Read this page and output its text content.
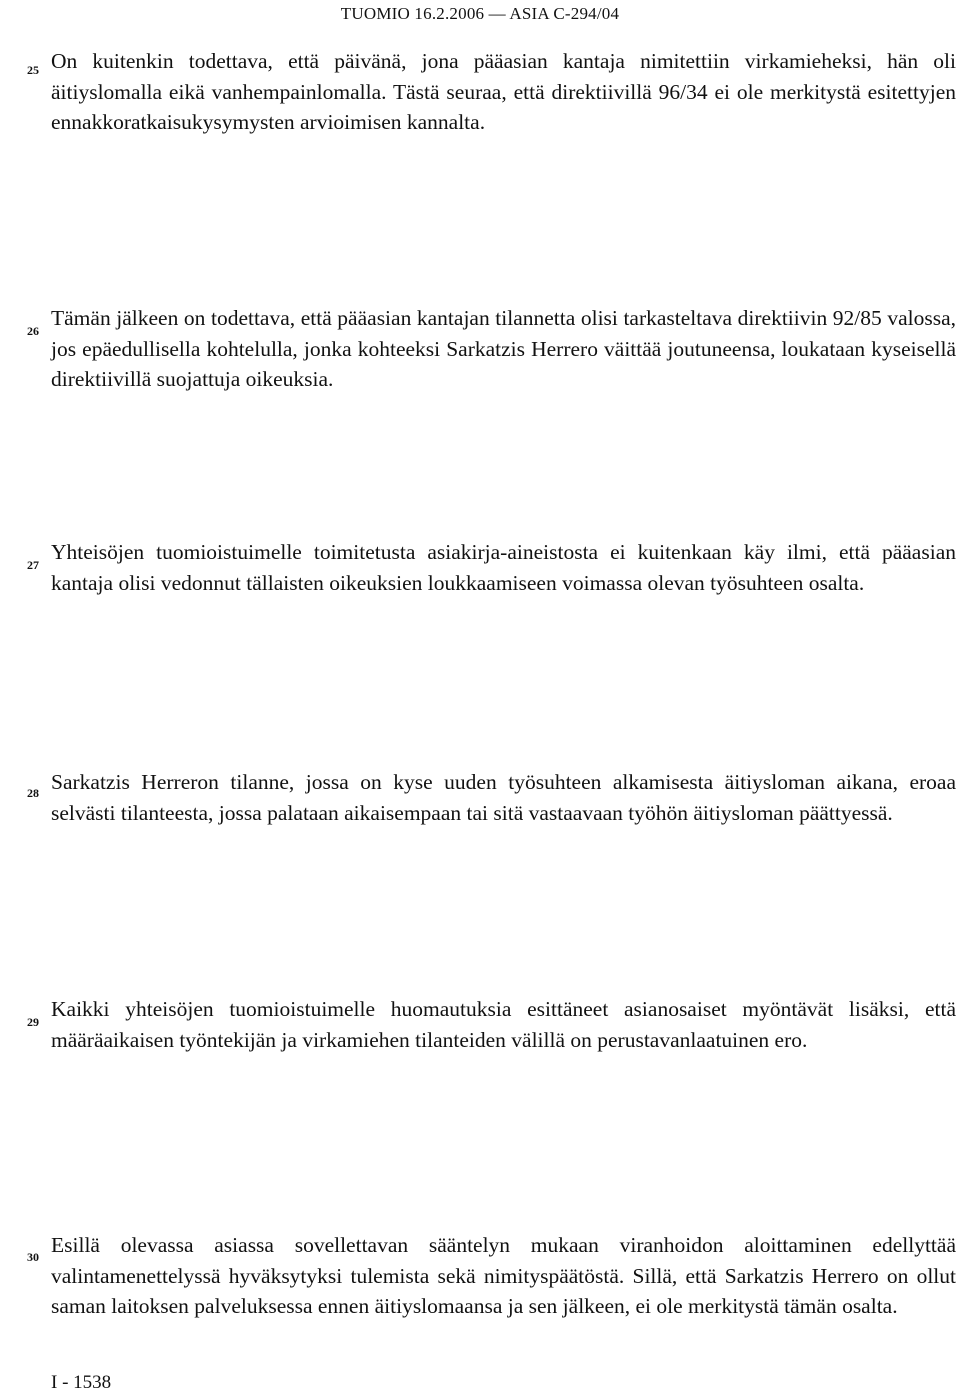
TUOMIO 16.2.2006 — ASIA C-294/04
25 On kuitenkin todettava, että päivänä, jona pääasian kantaja nimitettiin virkamieheksi, hän oli äitiyslomalla eikä vanhempainlomalla. Tästä seuraa, että direktiivillä 96/34 ei ole merkitystä esitettyjen ennakkoratkaisukysymysten arvioimisen kannalta.

26

Tämän jälkeen on todettava, että pääasian kantajan tilannetta olisi tarkasteltava direktiivin 92/85 valossa, jos epäedullisella kohtelulla, jonka kohteeksi Sarkatzis Herrero väittää joutuneensa, loukataan kyseisellä direktiivillä suojattuja oikeuksia.

27

Yhteisöjen tuomioistuimelle toimitetusta asiakirja-aineistosta ei kuitenkaan käy ilmi, että pääasian kantaja olisi vedonnut tällaisten oikeuksien loukkaamiseen voimassa olevan työsuhteen osalta.

28 Sarkatzis Herreron tilanne, jossa on kyse uuden työsuhteen alkamisesta äitiysloman aikana, eroaa selvästi tilanteesta, jossa palataan aikaisempaan tai sitä vastaavaan työhön äitiysloman päättyessä.

29

Kaikki yhteisöjen tuomioistuimelle huomautuksia esittäneet asianosaiset myöntävät lisäksi, että määräaikaisen työntekijän ja virkamiehen tilanteiden välillä on perustavanlaatuinen ero.

30 Esillä olevassa asiassa sovellettavan sääntelyn mukaan viranhoidon aloittaminen edellyttää valintamenettelyssä hyväksytyksi tulemista sekä nimityspäätöstä. Sillä, että Sarkatzis Herrero on ollut saman laitoksen palveluksessa ennen äitiyslomaansa ja sen jälkeen, ei ole merkitystä tämän osalta.

I - 1538
